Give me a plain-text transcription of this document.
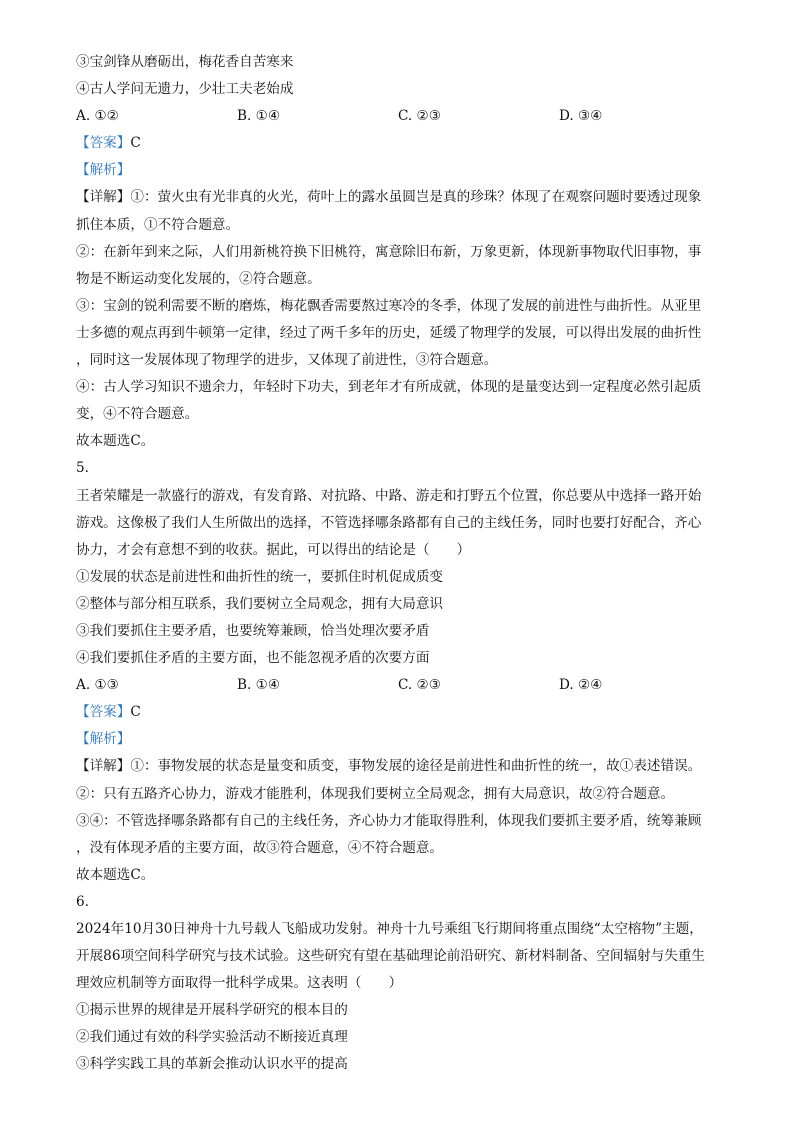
③宝剑锋从磨砺出，梅花香自苦寒来
④古人学问无遗力，少壮工夫老始成
A. ①②	B. ①④	C. ②③	D. ③④
【答案】C
【解析】
【详解】①：萤火虫有光非真的火光，荷叶上的露水虽圆岂是真的珍珠？体现了在观察问题时要透过现象
抓住本质，①不符合题意。
②：在新年到来之际，人们用新桃符换下旧桃符，寓意除旧布新，万象更新，体现新事物取代旧事物，事
物是不断运动变化发展的，②符合题意。
③：宝剑的锐利需要不断的磨炼，梅花飘香需要熬过寒冷的冬季，体现了发展的前进性与曲折性。从亚里
士多德的观点再到牛顿第一定律，经过了两千多年的历史，延缓了物理学的发展，可以得出发展的曲折性
，同时这一发展体现了物理学的进步，又体现了前进性，③符合题意。
④：古人学习知识不遗余力，年轻时下功夫，到老年才有所成就，体现的是量变达到一定程度必然引起质
变，④不符合题意。
故本题选C。
5.
王者荣耀是一款盛行的游戏，有发育路、对抗路、中路、游走和打野五个位置，你总要从中选择一路开始
游戏。这像极了我们人生所做出的选择，不管选择哪条路都有自己的主线任务，同时也要打好配合，齐心
协力，才会有意想不到的收获。据此，可以得出的结论是（　　）
①发展的状态是前进性和曲折性的统一，要抓住时机促成质变
②整体与部分相互联系，我们要树立全局观念，拥有大局意识
③我们要抓住主要矛盾，也要统筹兼顾，恰当处理次要矛盾
④我们要抓住矛盾的主要方面，也不能忽视矛盾的次要方面
A. ①③	B. ①④	C. ②③	D. ②④
【答案】C
【解析】
【详解】①：事物发展的状态是量变和质变，事物发展的途径是前进性和曲折性的统一，故①表述错误。
②：只有五路齐心协力，游戏才能胜利，体现我们要树立全局观念，拥有大局意识，故②符合题意。
③④：不管选择哪条路都有自己的主线任务，齐心协力才能取得胜利，体现我们要抓主要矛盾，统筹兼顾
，没有体现矛盾的主要方面，故③符合题意，④不符合题意。
故本题选C。
6.
2024年10月30日神舟十九号载人飞船成功发射。神舟十九号乘组飞行期间将重点围绕“太空榕物”主题，
开展86项空间科学研究与技术试验。这些研究有望在基础理论前沿研究、新材料制备、空间辐射与失重生
理效应机制等方面取得一批科学成果。这表明（　　）
①揭示世界的规律是开展科学研究的根本目的
②我们通过有效的科学实验活动不断接近真理
③科学实践工具的革新会推动认识水平的提高
